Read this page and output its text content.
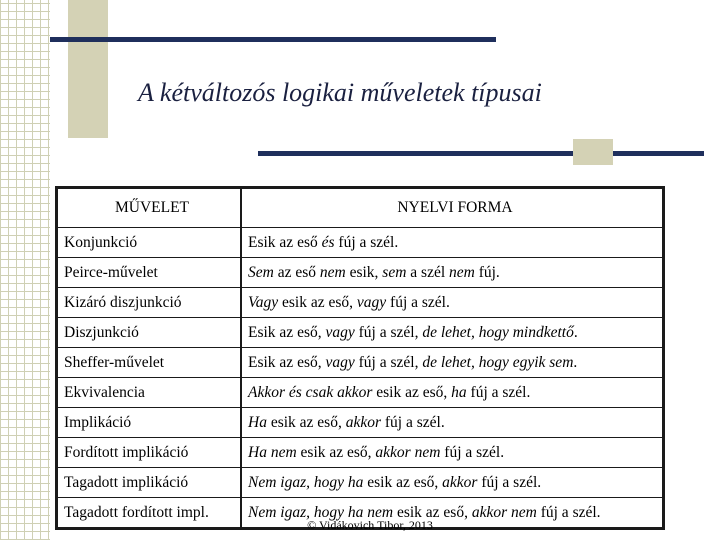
A kétváltozós logikai műveletek típusai
MŰVELET	NYELVI FORMA
Konjunkció	Esik az eső és fúj a szél.
Peirce-művelet	Sem az eső nem esik, sem a szél nem fúj.
Kizáró diszjunkció	Vagy esik az eső, vagy fúj a szél.
Diszjunkció	Esik az eső, vagy fúj a szél, de lehet, hogy mindkettő.
Sheffer-művelet	Esik az eső, vagy fúj a szél, de lehet, hogy egyik sem.
Ekvivalencia	Akkor és csak akkor esik az eső, ha fúj a szél.
Implikáció	Ha esik az eső, akkor fúj a szél.
Fordított implikáció	Ha nem esik az eső, akkor nem fúj a szél.
Tagadott implikáció	Nem igaz, hogy ha esik az eső, akkor fúj a szél.
Tagadott fordított impl.	Nem igaz, hogy ha nem esik az eső, akkor nem fúj a szél.
© Vidákovich Tibor, 2013
